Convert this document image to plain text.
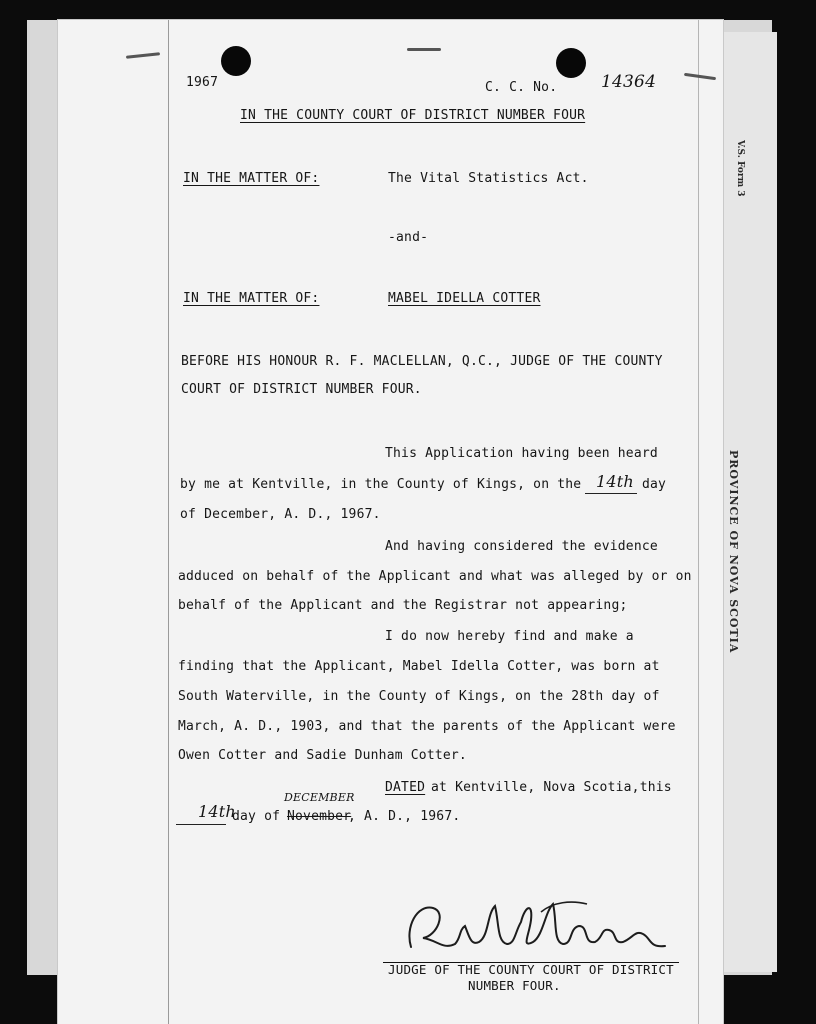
V.S. Form 3
PROVINCE OF NOVA SCOTIA
1967	C. C. No.	14364
IN THE COUNTY COURT OF DISTRICT NUMBER FOUR
IN THE MATTER OF:	The Vital Statistics Act.
-and-
IN THE MATTER OF:	MABEL IDELLA COTTER
BEFORE HIS HONOUR R. F. MACLELLAN, Q.C., JUDGE OF THE COUNTY
COURT OF DISTRICT NUMBER FOUR.
This Application having been heard
by me at Kentville, in the County of Kings, on the 14th day
of December, A. D., 1967.
And having considered the evidence
adduced on behalf of the Applicant and what was alleged by or on
behalf of the Applicant and the Registrar not appearing;
I do now hereby find and make a
finding that the Applicant, Mabel Idella Cotter, was born at
South Waterville, in the County of Kings, on the 28th day of
March, A. D., 1903, and that the parents of the Applicant were
Owen Cotter and Sadie Dunham Cotter.
DATED at Kentville, Nova Scotia,this
14th
day of
DECEMBER
November
, A. D., 1967.
JUDGE OF THE COUNTY COURT OF DISTRICT
NUMBER FOUR.
